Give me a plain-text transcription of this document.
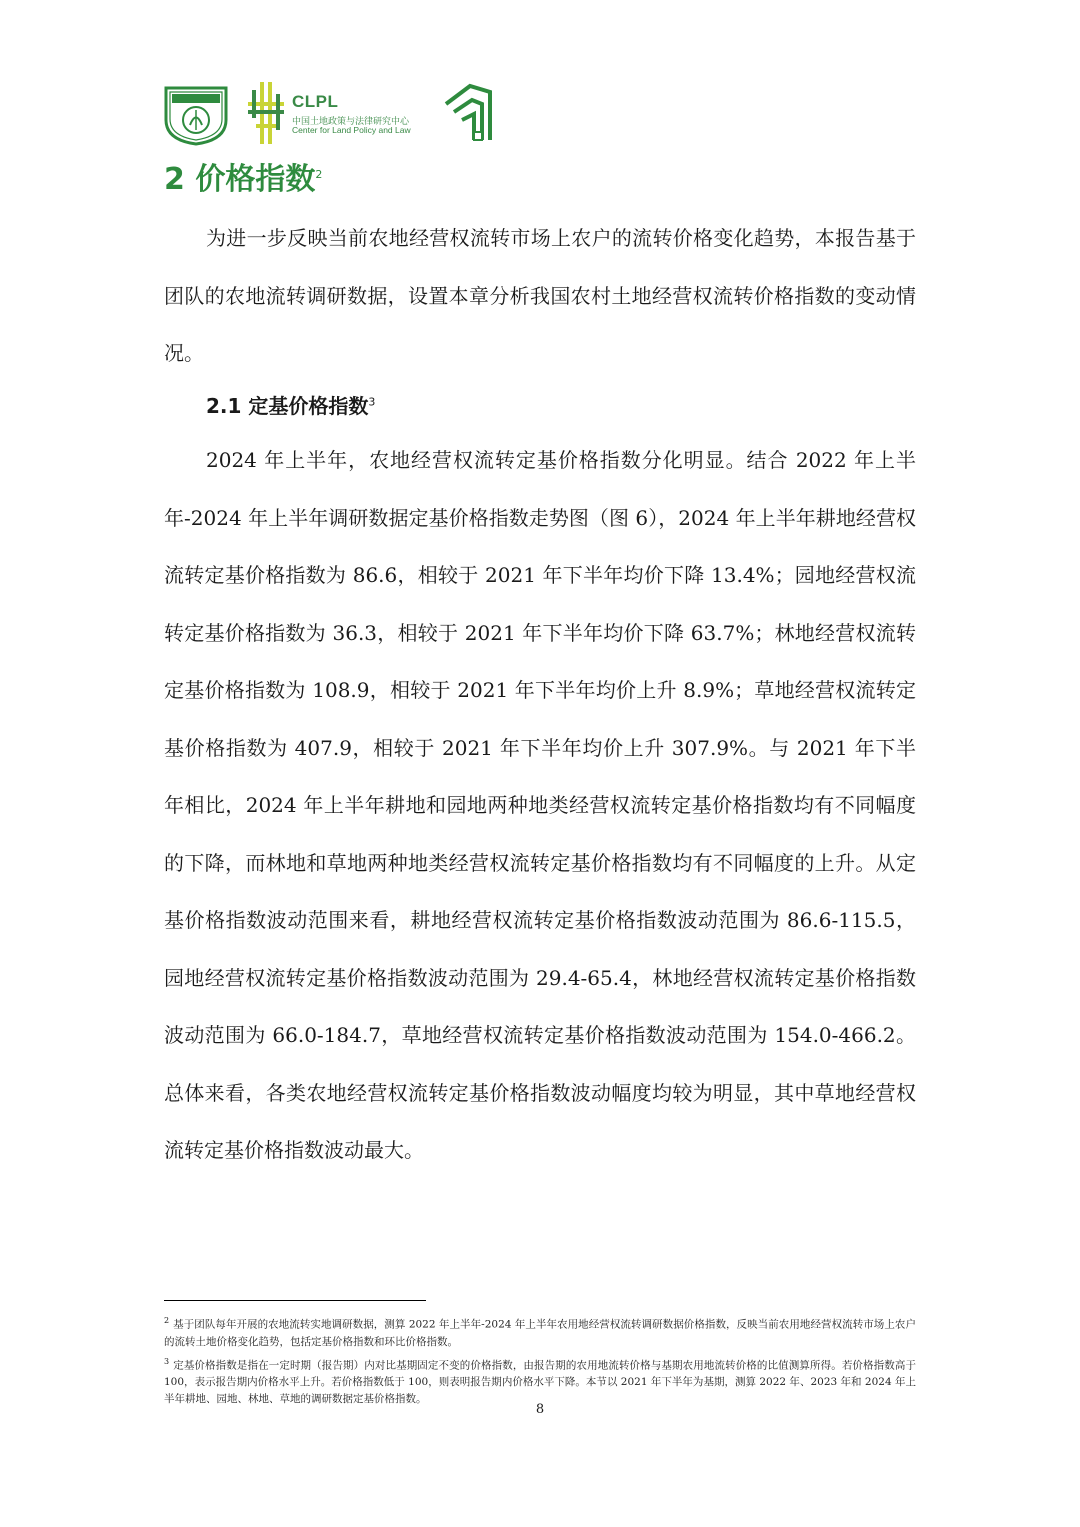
CLPL
中国土地政策与法律研究中心
Center for Land Policy and Law
2 价格指数$^2$

为进一步反映当前农地经营权流转市场上农户的流转价格变化趋势，本报告基于团队的农地流转调研数据，设置本章分析我国农村土地经营权流转价格指数的变动情况。

2.1 定基价格指数$^3$

2024 年上半年，农地经营权流转定基价格指数分化明显。结合 2022 年上半年-2024 年上半年调研数据定基价格指数走势图（图 6），2024 年上半年耕地经营权流转定基价格指数为 86.6，相较于 2021 年下半年均价下降 13.4%；园地经营权流转定基价格指数为 36.3，相较于 2021 年下半年均价下降 63.7%；林地经营权流转定基价格指数为 108.9，相较于 2021 年下半年均价上升 8.9%；草地经营权流转定基价格指数为 407.9，相较于 2021 年下半年均价上升 307.9%。与 2021 年下半年相比，2024 年上半年耕地和园地两种地类经营权流转定基价格指数均有不同幅度的下降，而林地和草地两种地类经营权流转定基价格指数均有不同幅度的上升。从定基价格指数波动范围来看，耕地经营权流转定基价格指数波动范围为 86.6-115.5，园地经营权流转定基价格指数波动范围为 29.4-65.4，林地经营权流转定基价格指数波动范围为 66.0-184.7，草地经营权流转定基价格指数波动范围为 154.0-466.2。总体来看，各类农地经营权流转定基价格指数波动幅度均较为明显，其中草地经营权流转定基价格指数波动最大。

$^2$ 基于团队每年开展的农地流转实地调研数据，测算 2022 年上半年-2024 年上半年农用地经营权流转调研数据价格指数，反映当前农用地经营权流转市场上农户的流转土地价格变化趋势，包括定基价格指数和环比价格指数。

$^3$ 定基价格指数是指在一定时期（报告期）内对比基期固定不变的价格指数，由报告期的农用地流转价格与基期农用地流转价格的比值测算所得。若价格指数高于 100，表示报告期内价格水平上升。若价格指数低于 100，则表明报告期内价格水平下降。本节以 2021 年下半年为基期，测算 2022 年、2023 年和 2024 年上半年耕地、园地、林地、草地的调研数据定基价格指数。

8
